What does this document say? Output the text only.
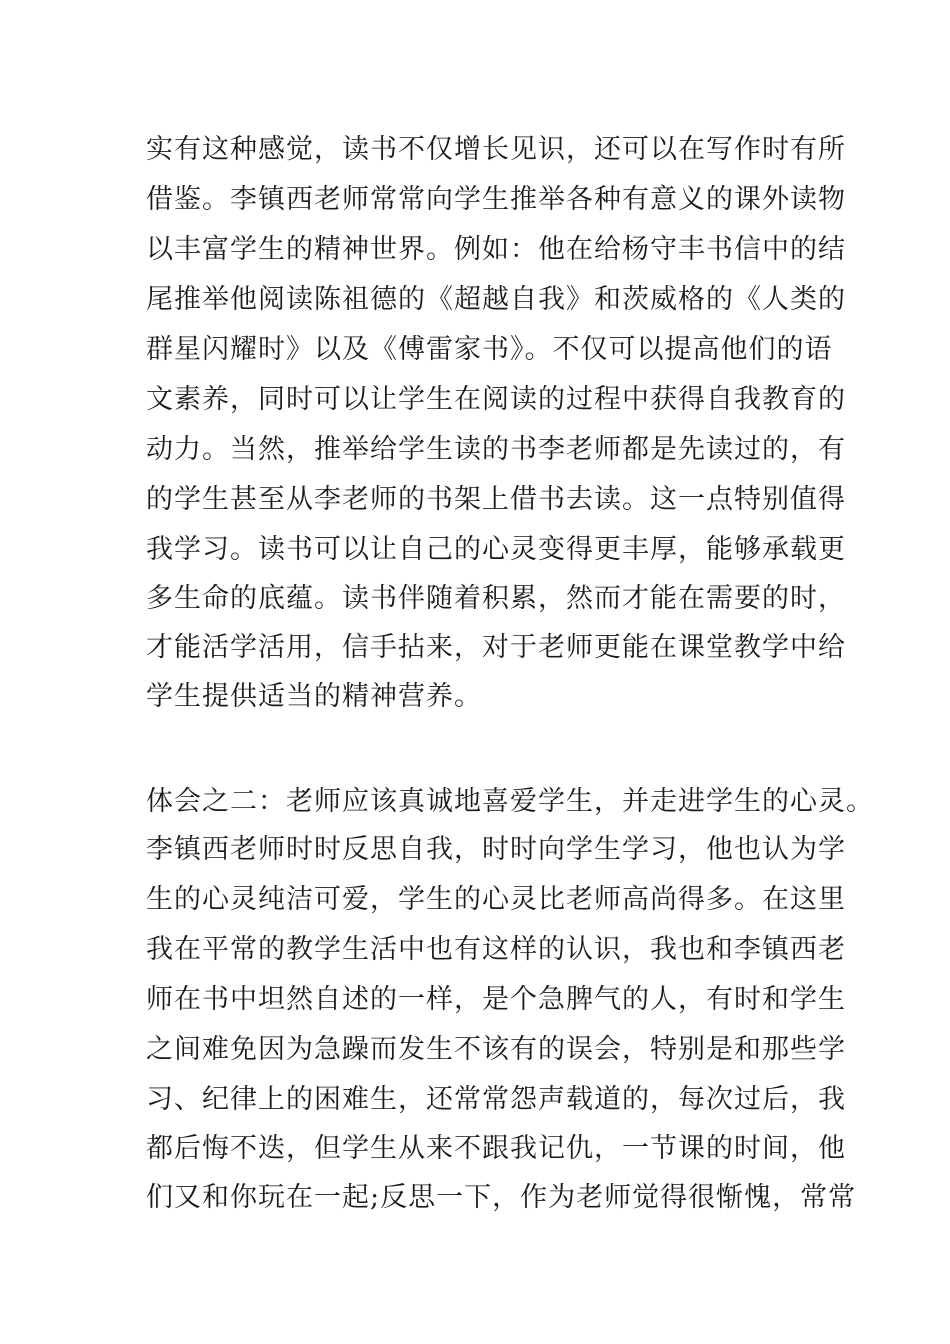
实有这种感觉，读书不仅增长见识，还可以在写作时有所
借鉴。李镇西老师常常向学生推举各种有意义的课外读物
以丰富学生的精神世界。例如：他在给杨守丰书信中的结
尾推举他阅读陈祖德的《超越自我》和茨威格的《人类的
群星闪耀时》以及《傅雷家书》。不仅可以提高他们的语
文素养，同时可以让学生在阅读的过程中获得自我教育的
动力。当然，推举给学生读的书李老师都是先读过的，有
的学生甚至从李老师的书架上借书去读。这一点特别值得
我学习。读书可以让自己的心灵变得更丰厚，能够承载更
多生命的底蕴。读书伴随着积累，然而才能在需要的时，
才能活学活用，信手拈来，对于老师更能在课堂教学中给
学生提供适当的精神营养。
体会之二：老师应该真诚地喜爱学生，并走进学生的心灵。
李镇西老师时时反思自我，时时向学生学习，他也认为学
生的心灵纯洁可爱，学生的心灵比老师高尚得多。在这里
我在平常的教学生活中也有这样的认识，我也和李镇西老
师在书中坦然自述的一样，是个急脾气的人，有时和学生
之间难免因为急躁而发生不该有的误会，特别是和那些学
习、纪律上的困难生，还常常怨声载道的，每次过后，我
都后悔不迭，但学生从来不跟我记仇，一节课的时间，他
们又和你玩在一起;反思一下，作为老师觉得很惭愧，常常
